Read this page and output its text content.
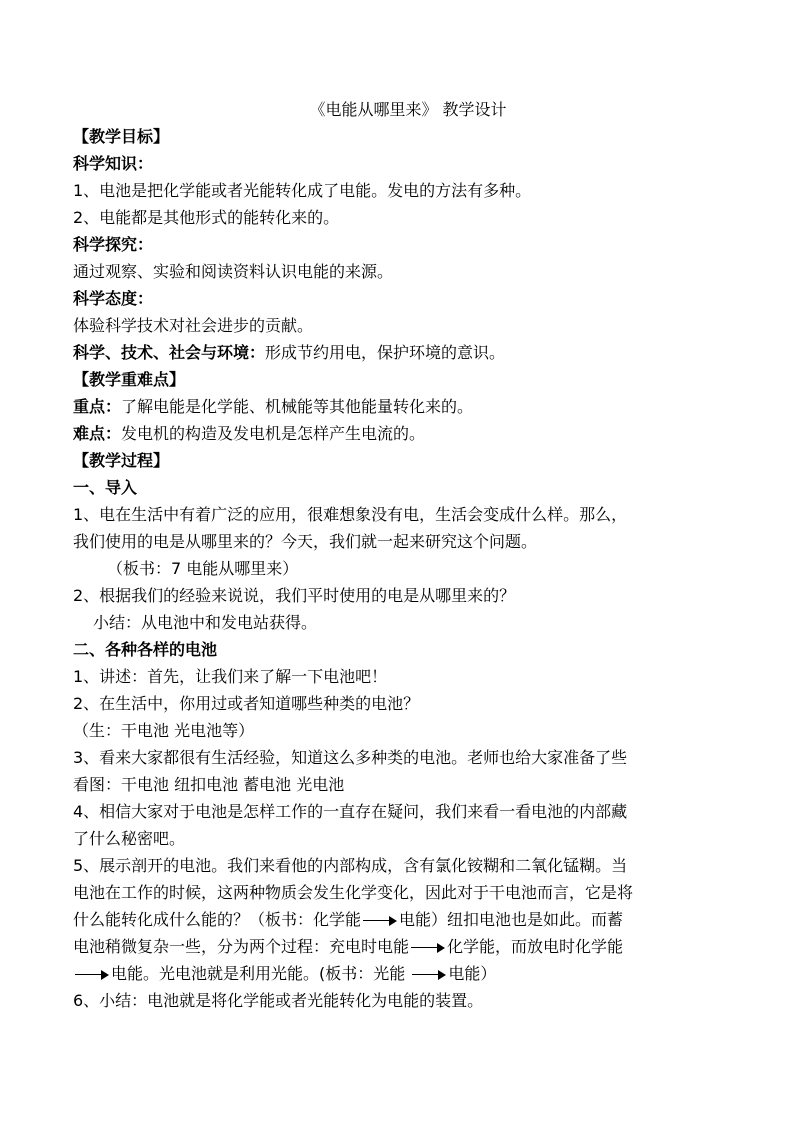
《电能从哪里来》 教学设计
【教学目标】
科学知识：
1、电池是把化学能或者光能转化成了电能。发电的方法有多种。
2、电能都是其他形式的能转化来的。
科学探究：
通过观察、实验和阅读资料认识电能的来源。
科学态度：
体验科学技术对社会进步的贡献。
科学、技术、社会与环境：形成节约用电，保护环境的意识。
【教学重难点】
重点：了解电能是化学能、机械能等其他能量转化来的。
难点：发电机的构造及发电机是怎样产生电流的。
【教学过程】
一、导入
1、电在生活中有着广泛的应用，很难想象没有电，生活会变成什么样。那么，
我们使用的电是从哪里来的？今天，我们就一起来研究这个问题。
（板书：7 电能从哪里来）
2、根据我们的经验来说说，我们平时使用的电是从哪里来的？
小结：从电池中和发电站获得。
二、各种各样的电池
1、讲述：首先，让我们来了解一下电池吧！
2、在生活中，你用过或者知道哪些种类的电池？
（生：干电池 光电池等）
3、看来大家都很有生活经验，知道这么多种类的电池。老师也给大家准备了些
看图：干电池 纽扣电池 蓄电池 光电池
4、相信大家对于电池是怎样工作的一直存在疑问，我们来看一看电池的内部藏
了什么秘密吧。
5、展示剖开的电池。我们来看他的内部构成，含有氯化铵糊和二氧化锰糊。当
电池在工作的时候，这两种物质会发生化学变化，因此对于干电池而言，它是将
什么能转化成什么能的？（板书：化学能 电能）纽扣电池也是如此。而蓄
电池稍微复杂一些，分为两个过程：充电时电能 化学能，而放电时化学能
电能。光电池就是利用光能。(板书：光能	电能）
6、小结：电池就是将化学能或者光能转化为电能的装置。
